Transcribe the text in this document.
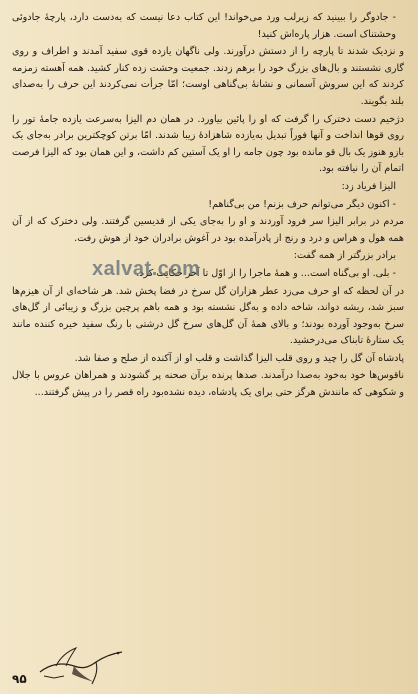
- جادوگر را ببینید که زیرلب ورد می‌خواند! این کتاب دعا نیست که به‌دست دارد، پارچهٔ جادوئی وحشتناک است. هزار پاره‌اش کنید!

و نزدیک شدند تا پارچه را از دستش درآورند. ولی ناگهان یازده قوی سفید آمدند و اطراف و روی گاری نشستند و بال‌های بزرگ خود را برهم زدند. جمعیت وحشت زده کنار کشید. همه آهسته زمزمه کردند که این سروش آسمانی و نشانهٔ بی‌گناهی اوست؛ امّا جرأت نمی‌کردند این حرف را به‌صدای بلند بگویند.

دژخیم دست دخترک را گرفت که او را پائین بیاورد. در همان دم الیزا به‌سرعت یازده جامهٔ تور را روی قوها انداخت و آنها فوراً تبدیل به‌یازده شاهزادهٔ زیبا شدند. امّا برتن کوچکترین برادر به‌جای یک بازو هنوز یک بال قو مانده بود چون جامه را او یک آستین کم داشت، و این همان بود که الیزا فرصت اتمام آن را نیافته بود.

الیزا فریاد زد:

- اکنون دیگر می‌توانم حرف بزنم! من بی‌گناهم!

مردم در برابر الیزا سر فرود آوردند و او را به‌جای یکی از قدیسین گرفتند. ولی دخترک که از آن همه هول و هراس و درد و رنج از پادرآمده بود در آغوش برادران خود از هوش رفت.

برادر بزرگتر از همه گفت:

- بلی. او بی‌گناه است... و همهٔ ماجرا را از اوّل تا آخر حکایت کرد.

در آن لحظه که او حرف می‌زد عطر هزاران گل سرخ در فضا پخش شد. هر شاخه‌ای از آن هیزم‌ها سبز شد، ریشه دواند، شاخه داده و به‌گل نشسته بود و همه باهم پرچین بزرگ و زیبائی از گل‌های سرخ به‌وجود آورده بودند؛ و بالای همهٔ آن گل‌های سرخ گل درشتی با رنگ سفید خیره کننده مانند یک ستارهٔ تابناک می‌درخشید.

پادشاه آن گل را چید و روی قلب الیزا گذاشت و قلب او از آکنده از صلح و صفا شد.

ناقوس‌ها خود به‌خود به‌صدا درآمدند. صدها پرنده برآن صحنه پر گشودند و همراهان عروس با جلال و شکوهی که مانندش هرگز حتی برای یک پادشاه، دیده نشده‌بود راه قصر را در پیش گرفتند...

xalvat.com
۹۵
